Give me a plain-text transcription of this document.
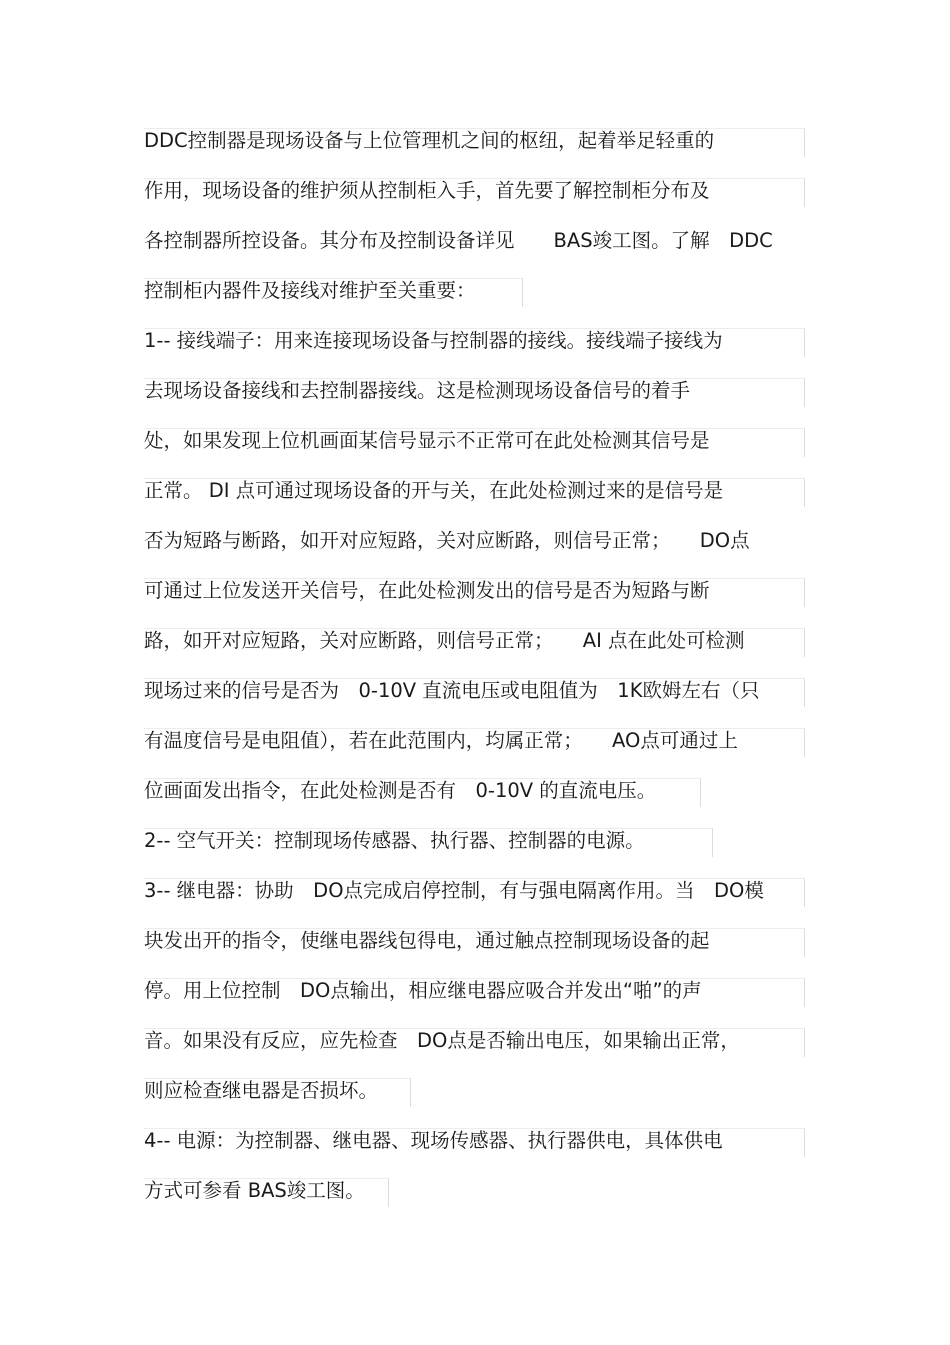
DDC控制器是现场设备与上位管理机之间的枢纽，起着举足轻重的
作用，现场设备的维护须从控制柜入手，首先要了解控制柜分布及
各控制器所控设备。其分布及控制设备详见　　BAS竣工图。了解　DDC
控制柜内器件及接线对维护至关重要：
1-- 接线端子：用来连接现场设备与控制器的接线。接线端子接线为
去现场设备接线和去控制器接线。这是检测现场设备信号的着手
处，如果发现上位机画面某信号显示不正常可在此处检测其信号是
正常。 DI 点可通过现场设备的开与关，在此处检测过来的是信号是
否为短路与断路，如开对应短路，关对应断路，则信号正常；　　DO点
可通过上位发送开关信号，在此处检测发出的信号是否为短路与断
路，如开对应短路，关对应断路，则信号正常；　　AI 点在此处可检测
现场过来的信号是否为　0-10V 直流电压或电阻值为　1K欧姆左右（只
有温度信号是电阻值），若在此范围内，均属正常；　　AO点可通过上
位画面发出指令，在此处检测是否有　0-10V 的直流电压。
2-- 空气开关：控制现场传感器、执行器、控制器的电源。
3-- 继电器：协助　DO点完成启停控制，有与强电隔离作用。当　DO模
块发出开的指令，使继电器线包得电，通过触点控制现场设备的起
停。用上位控制　DO点输出，相应继电器应吸合并发出“啪”的声
音。如果没有反应，应先检查　DO点是否输出电压，如果输出正常，
则应检查继电器是否损坏。
4-- 电源：为控制器、继电器、现场传感器、执行器供电，具体供电
方式可参看 BAS竣工图。
